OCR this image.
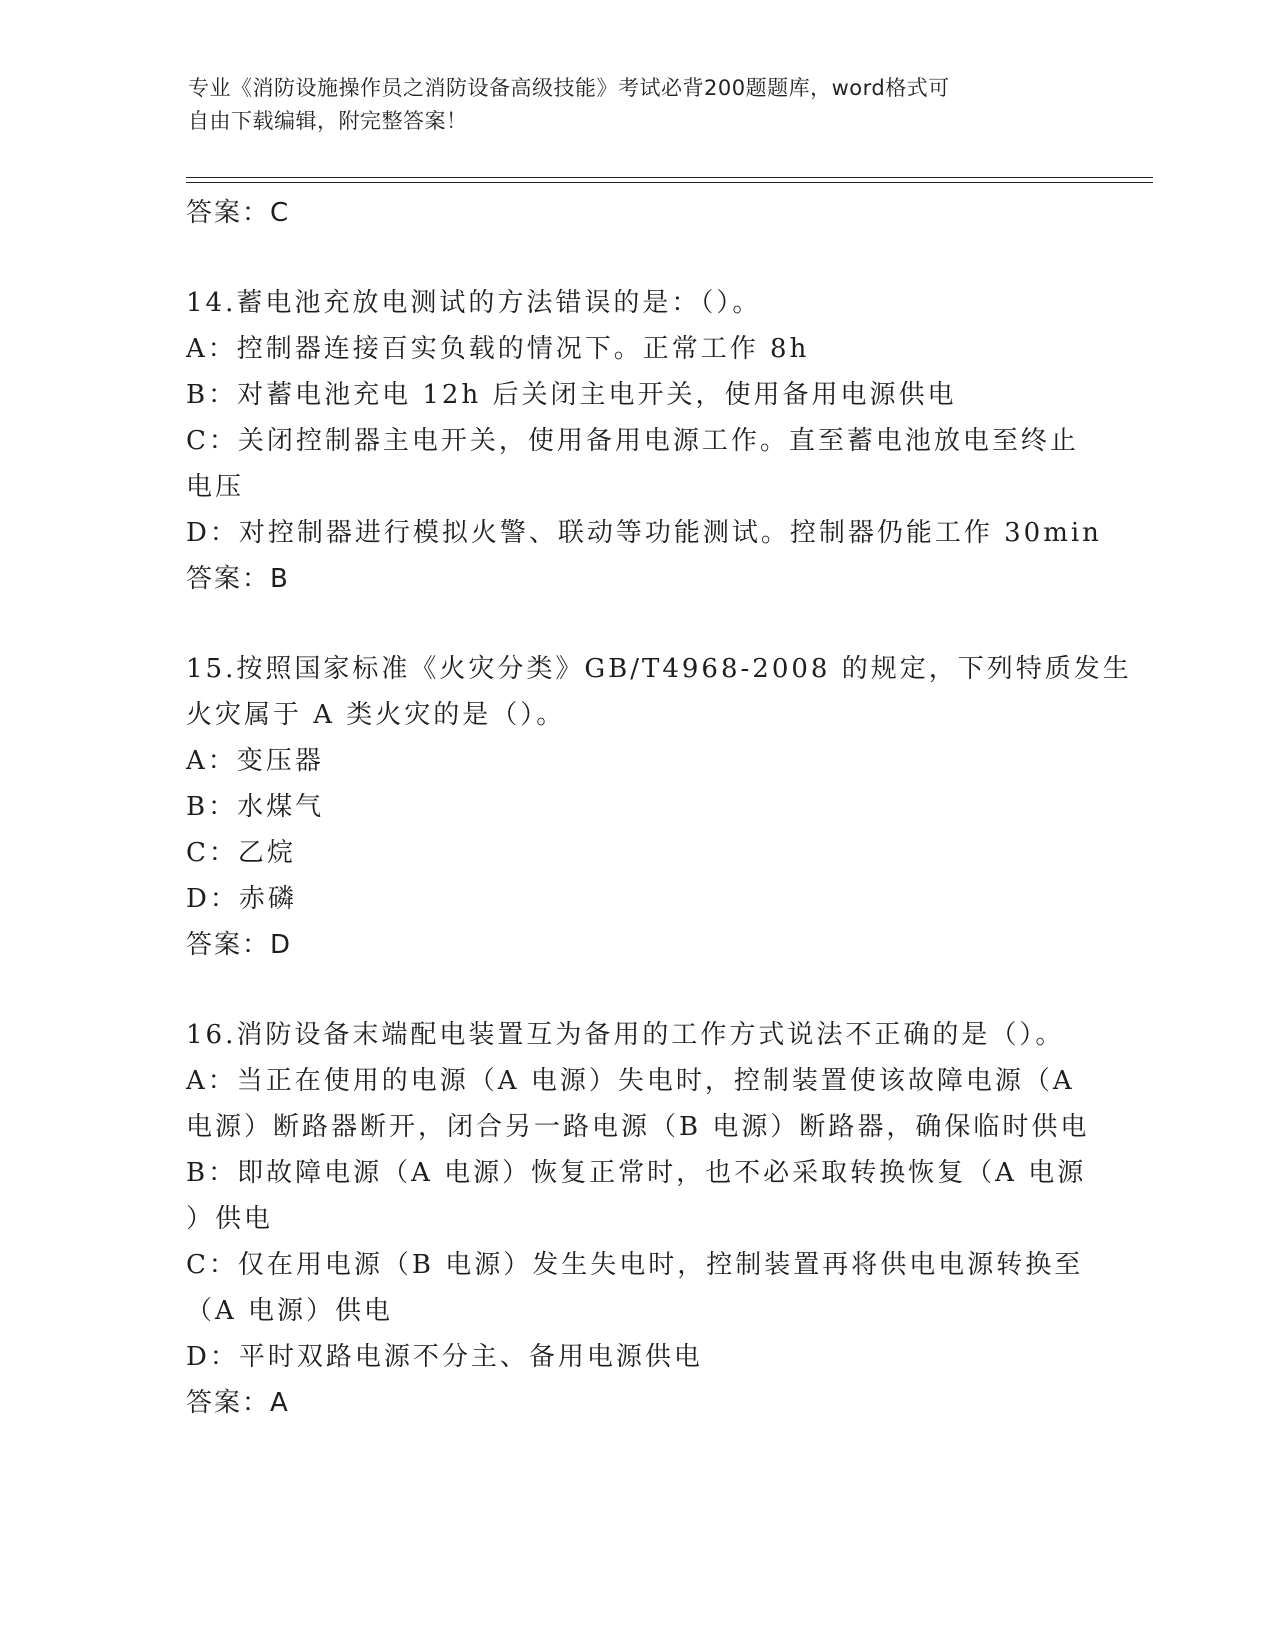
专业《消防设施操作员之消防设备高级技能》考试必背200题题库，word格式可
自由下载编辑，附完整答案！
答案：C
14.蓄电池充放电测试的方法错误的是：（）。
A：控制器连接百实负载的情况下。正常工作 8h
B：对蓄电池充电 12h 后关闭主电开关，使用备用电源供电
C：关闭控制器主电开关，使用备用电源工作。直至蓄电池放电至终止
电压
D：对控制器进行模拟火警、联动等功能测试。控制器仍能工作 30min
答案：B
15.按照国家标准《火灾分类》GB/T4968-2008 的规定，下列特质发生
火灾属于 A 类火灾的是（）。
A：变压器
B：水煤气
C：乙烷
D：赤磷
答案：D
16.消防设备末端配电装置互为备用的工作方式说法不正确的是（）。
A：当正在使用的电源（A 电源）失电时，控制装置使该故障电源（A
电源）断路器断开，闭合另一路电源（B 电源）断路器，确保临时供电
B：即故障电源（A 电源）恢复正常时，也不必采取转换恢复（A 电源
）供电
C：仅在用电源（B 电源）发生失电时，控制装置再将供电电源转换至
（A 电源）供电
D：平时双路电源不分主、备用电源供电
答案：A
